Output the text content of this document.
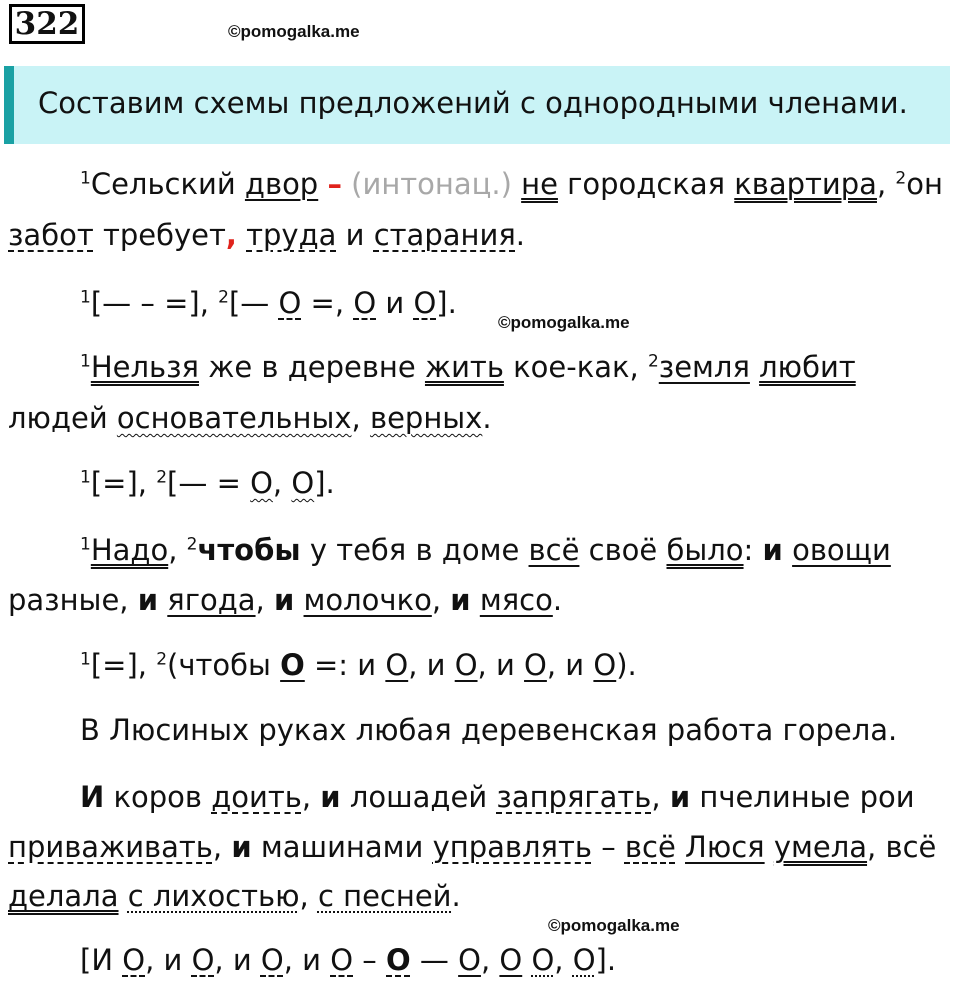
322	©pomogalka.me
Составим схемы предложений с однородными членами.
$^1$Сельский двор – (интонац.) не городская квартира, $^2$он
забот требует, труда и старания.
$^1$[— – =], $^2$[— О =, О и О].
©pomogalka.me
$^1$Нельзя же в деревне жить кое-как, $^2$земля любит
людей основательных, верных.
$^1$[=], $^2$[— = О, О].
$^1$Надо, $^2$чтобы у тебя в доме всё своё было: и овощи
разные, и ягода, и молочко, и мясо.
$^1$[=], $^2$(чтобы О =: и О, и О, и О, и О).
В Люсиных руках любая деревенская работа горела.
И коров доить, и лошадей запрягать, и пчелиные рои
приваживать, и машинами управлять – всё Люся умела, всё
делала с лихостью, с песней.
©pomogalka.me
[И О, и О, и О, и О – О — О, О О, О].
